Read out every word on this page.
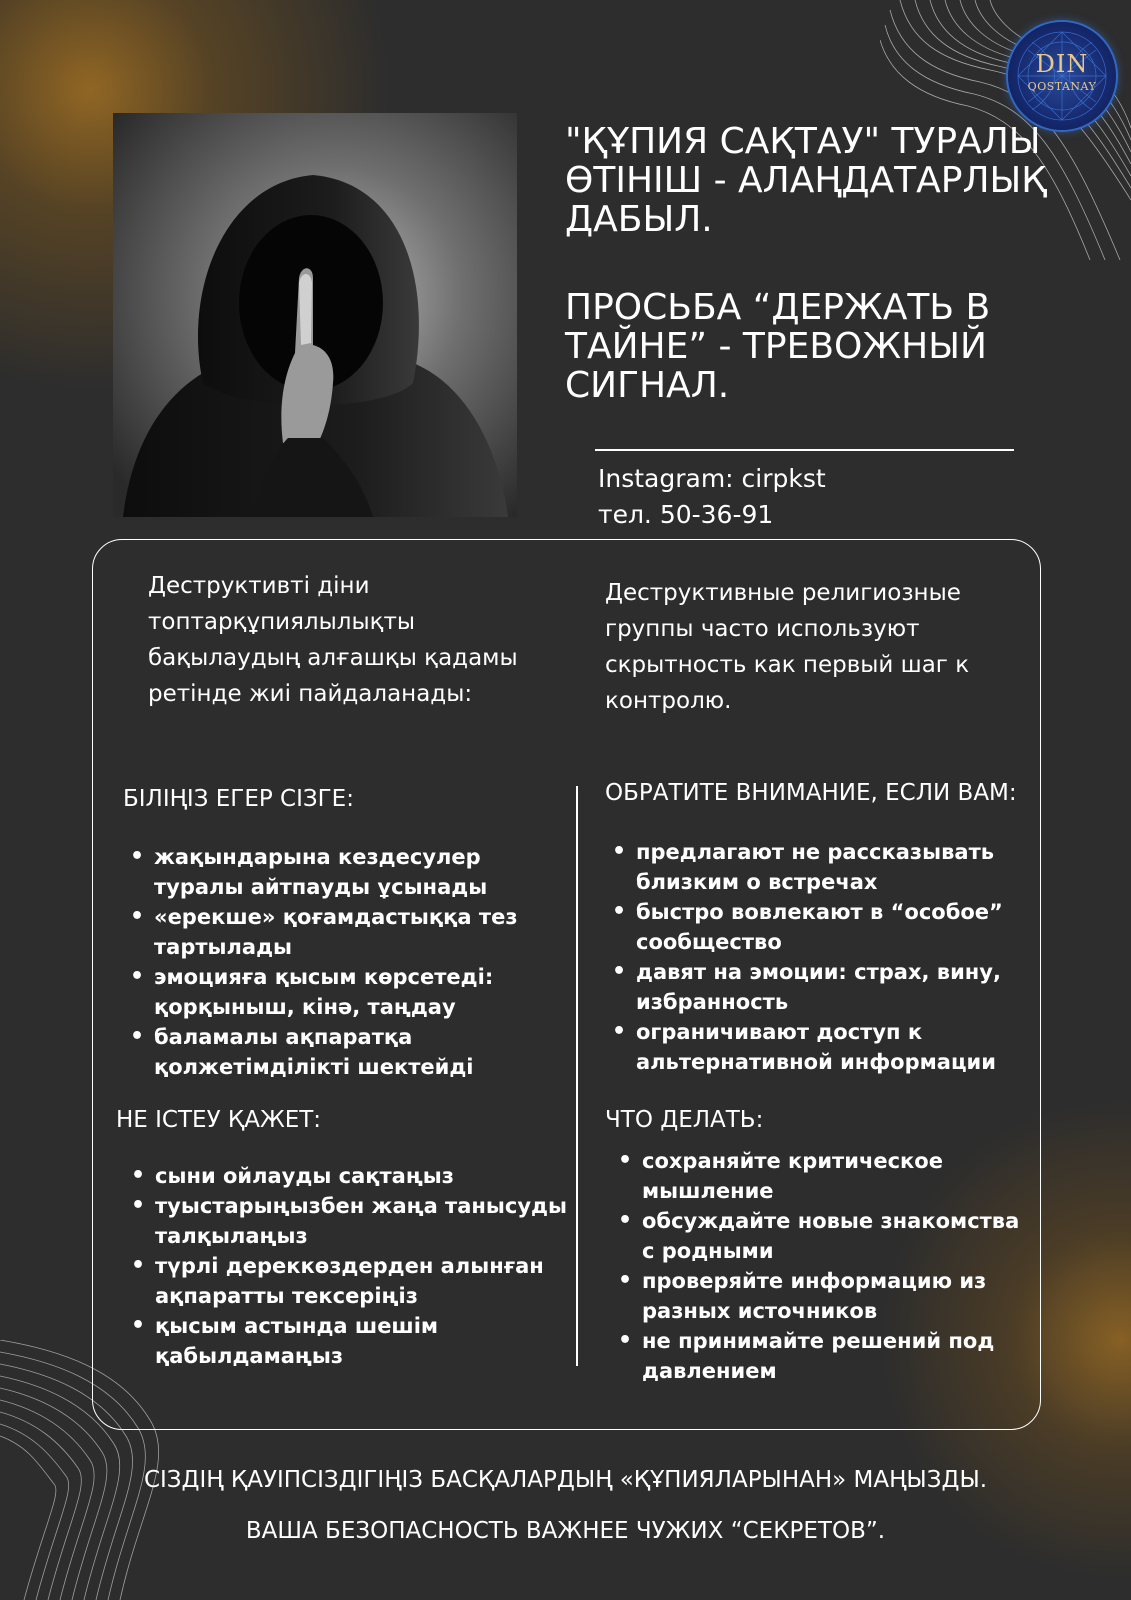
DIN
QOSTANAY
"ҚҰПИЯ САҚТАУ" ТУРАЛЫ ӨТІНІШ - АЛАҢДАТАРЛЫҚ ДАБЫЛ.
ПРОСЬБА “ДЕРЖАТЬ В ТАЙНЕ” - ТРЕВОЖНЫЙ СИГНАЛ.
Instagram: cirpkst
тел. 50-36-91

Деструктивті діни топтарқұпиялылықты бақылаудың алғашқы қадамы ретінде жиі пайдаланады:

Деструктивные религиозные группы часто используют скрытность как первый шаг к контролю.

БІЛІҢІЗ ЕГЕР СІЗГЕ:
• жақындарына кездесулер туралы айтпауды ұсынады
• «ерекше» қоғамдастыққа тез тартылады
• эмоцияға қысым көрсетеді: қорқыныш, кінә, таңдау
• баламалы ақпаратқа қолжетімділікті шектейді
ОБРАТИТЕ ВНИМАНИЕ, ЕСЛИ ВАМ:
• предлагают не рассказывать близким о встречах
• быстро вовлекают в “особое” сообщество
• давят на эмоции: страх, вину, избранность
• ограничивают доступ к альтернативной информации
НЕ ІСТЕУ ҚАЖЕТ:
• сыни ойлауды сақтаңыз
• туыстарыңызбен жаңа танысуды талқылаңыз
• түрлі дереккөздерден алынған ақпаратты тексеріңіз
• қысым астында шешім қабылдамаңыз
ЧТО ДЕЛАТЬ:
• сохраняйте критическое мышление
• обсуждайте новые знакомства с родными
• проверяйте информацию из разных источников
• не принимайте решений под давлением

СІЗДІҢ ҚАУІПСІЗДІГІҢІЗ БАСҚАЛАРДЫҢ «ҚҰПИЯЛАРЫНАН» МАҢЫЗДЫ.

ВАША БЕЗОПАСНОСТЬ ВАЖНЕЕ ЧУЖИХ “СЕКРЕТОВ”.
